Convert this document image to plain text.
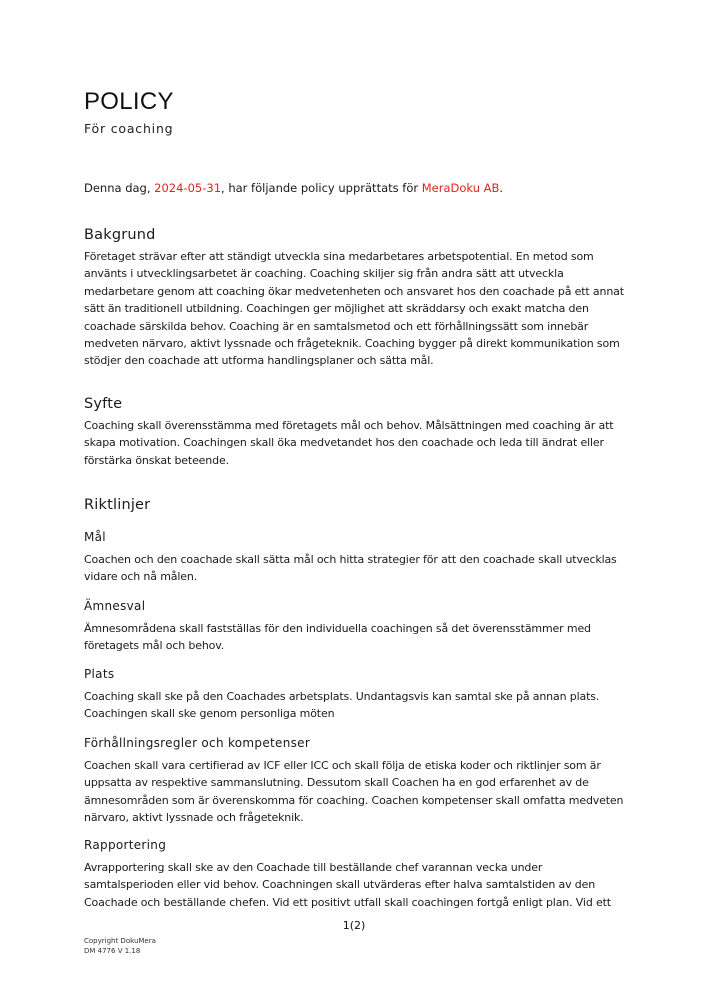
POLICY
För coaching
Denna dag, 2024-05-31, har följande policy upprättats för MeraDoku AB.
Bakgrund
Företaget strävar efter att ständigt utveckla sina medarbetares arbetspotential. En metod som använts i utvecklingsarbetet är coaching. Coaching skiljer sig från andra sätt att utveckla medarbetare genom att coaching ökar medvetenheten och ansvaret hos den coachade på ett annat sätt än traditionell utbildning. Coachingen ger möjlighet att skräddarsy och exakt matcha den coachade särskilda behov. Coaching är en samtalsmetod och ett förhållningssätt som innebär medveten närvaro, aktivt lyssnade och frågeteknik. Coaching bygger på direkt kommunikation som stödjer den coachade att utforma handlingsplaner och sätta mål.
Syfte
Coaching skall överensstämma med företagets mål och behov. Målsättningen med coaching är att skapa motivation. Coachingen skall öka medvetandet hos den coachade och leda till ändrat eller förstärka önskat beteende.
Riktlinjer
Mål
Coachen och den coachade skall sätta mål och hitta strategier för att den coachade skall utvecklas vidare och nå målen.
Ämnesval
Ämnesområdena skall fastställas för den individuella coachingen så det överensstämmer med företagets mål och behov.
Plats
Coaching skall ske på den Coachades arbetsplats. Undantagsvis kan samtal ske på annan plats. Coachingen skall ske genom personliga möten
Förhållningsregler och kompetenser
Coachen skall vara certifierad av ICF eller ICC och skall följa de etiska koder och riktlinjer som är uppsatta av respektive sammanslutning. Dessutom skall Coachen ha en god erfarenhet av de ämnesområden som är överenskomma för coaching. Coachen kompetenser skall omfatta medveten närvaro, aktivt lyssnade och frågeteknik.
Rapportering
Avrapportering skall ske av den Coachade till beställande chef varannan vecka under samtalsperioden eller vid behov. Coachningen skall utvärderas efter halva samtalstiden av den Coachade och beställande chefen. Vid ett positivt utfall skall coachingen fortgå enligt plan. Vid ett
1(2)
Copyright DokuMera
DM 4776 V 1.18
